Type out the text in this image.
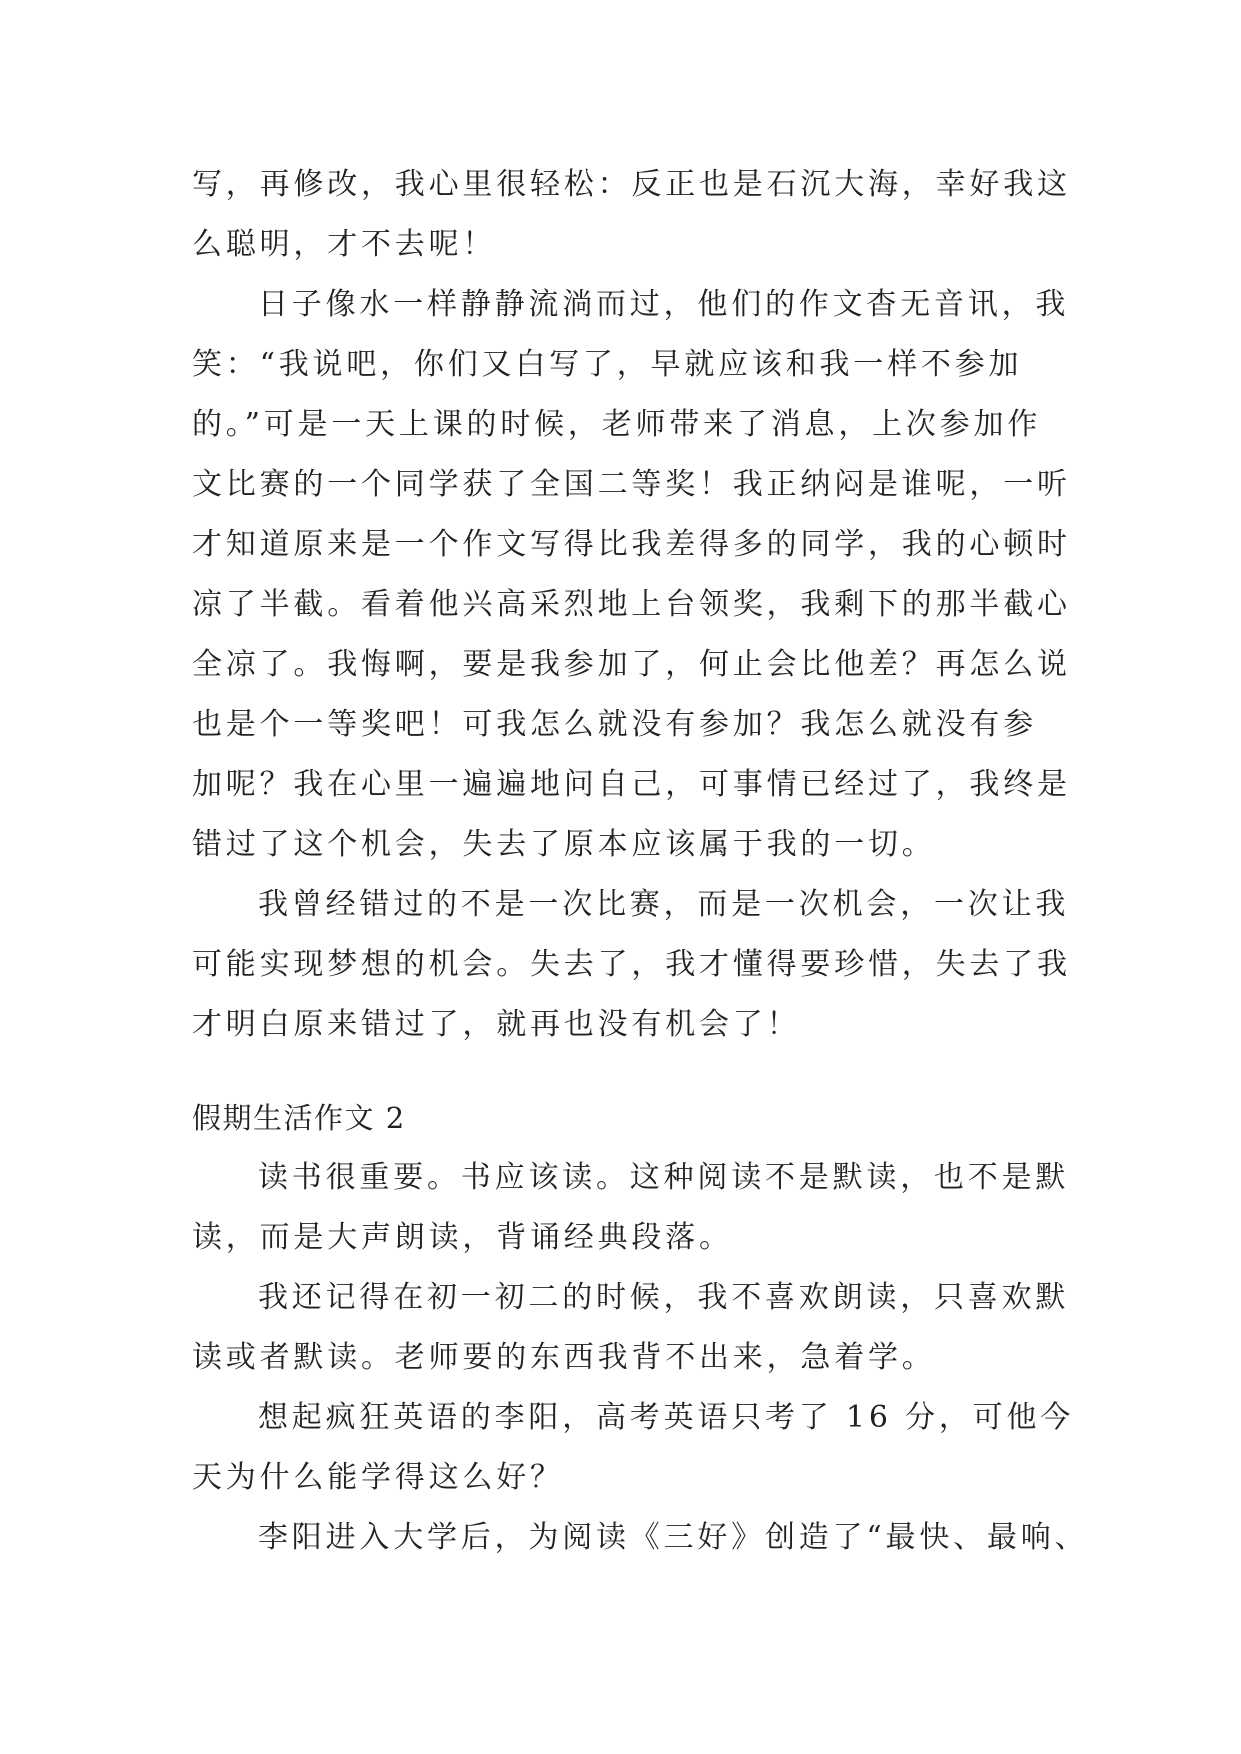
写，再修改，我心里很轻松：反正也是石沉大海，幸好我这
么聪明，才不去呢！
日子像水一样静静流淌而过，他们的作文杳无音讯，我
笑：“我说吧，你们又白写了，早就应该和我一样不参加
的。”可是一天上课的时候，老师带来了消息，上次参加作
文比赛的一个同学获了全国二等奖！我正纳闷是谁呢，一听
才知道原来是一个作文写得比我差得多的同学，我的心顿时
凉了半截。看着他兴高采烈地上台领奖，我剩下的那半截心
全凉了。我悔啊，要是我参加了，何止会比他差？再怎么说
也是个一等奖吧！可我怎么就没有参加？我怎么就没有参
加呢？我在心里一遍遍地问自己，可事情已经过了，我终是
错过了这个机会，失去了原本应该属于我的一切。
我曾经错过的不是一次比赛，而是一次机会，一次让我
可能实现梦想的机会。失去了，我才懂得要珍惜，失去了我
才明白原来错过了，就再也没有机会了！
假期生活作文 2
读书很重要。书应该读。这种阅读不是默读，也不是默
读，而是大声朗读，背诵经典段落。
我还记得在初一初二的时候，我不喜欢朗读，只喜欢默
读或者默读。老师要的东西我背不出来，急着学。
想起疯狂英语的李阳，高考英语只考了 16 分，可他今
天为什么能学得这么好？
李阳进入大学后，为阅读《三好》创造了“最快、最响、
